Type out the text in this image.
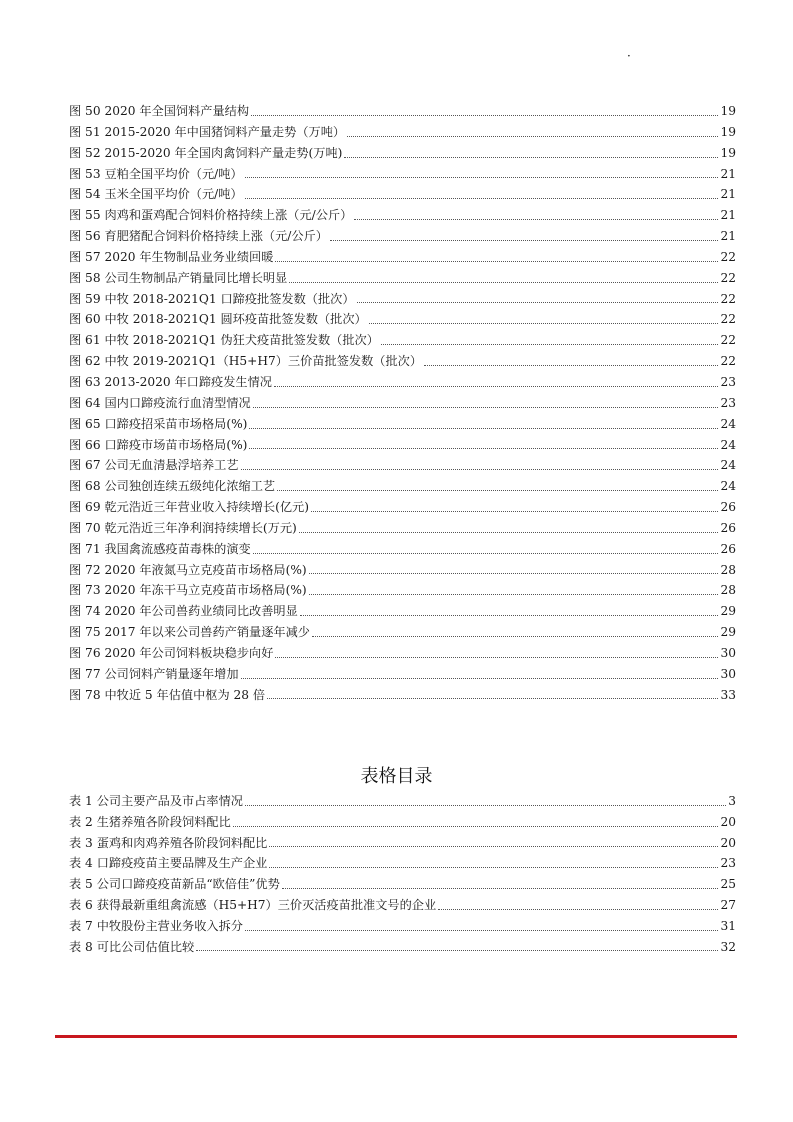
·
图 50 2020 年全国饲料产量结构	19
图 51 2015-2020 年中国猪饲料产量走势（万吨）	19
图 52 2015-2020 年全国肉禽饲料产量走势(万吨)	19
图 53 豆粕全国平均价（元/吨）	21
图 54 玉米全国平均价（元/吨）	21
图 55 肉鸡和蛋鸡配合饲料价格持续上涨（元/公斤）	21
图 56 育肥猪配合饲料价格持续上涨（元/公斤）	21
图 57 2020 年生物制品业务业绩回暖	22
图 58 公司生物制品产销量同比增长明显	22
图 59 中牧 2018-2021Q1 口蹄疫批签发数（批次）	22
图 60 中牧 2018-2021Q1 圆环疫苗批签发数（批次）	22
图 61 中牧 2018-2021Q1 伪狂犬疫苗批签发数（批次）	22
图 62 中牧 2019-2021Q1（H5+H7）三价苗批签发数（批次）	22
图 63 2013-2020 年口蹄疫发生情况	23
图 64 国内口蹄疫流行血清型情况	23
图 65 口蹄疫招采苗市场格局(%)	24
图 66 口蹄疫市场苗市场格局(%)	24
图 67 公司无血清悬浮培养工艺	24
图 68 公司独创连续五级纯化浓缩工艺	24
图 69 乾元浩近三年营业收入持续增长(亿元)	26
图 70 乾元浩近三年净利润持续增长(万元)	26
图 71 我国禽流感疫苗毒株的演变	26
图 72 2020 年液氮马立克疫苗市场格局(%)	28
图 73 2020 年冻干马立克疫苗市场格局(%)	28
图 74 2020 年公司兽药业绩同比改善明显	29
图 75 2017 年以来公司兽药产销量逐年减少	29
图 76 2020 年公司饲料板块稳步向好	30
图 77 公司饲料产销量逐年增加	30
图 78 中牧近 5 年估值中枢为 28 倍	33
表格目录
表 1 公司主要产品及市占率情况	3
表 2 生猪养殖各阶段饲料配比	20
表 3 蛋鸡和肉鸡养殖各阶段饲料配比	20
表 4 口蹄疫疫苗主要品牌及生产企业	23
表 5 公司口蹄疫疫苗新品“欧倍佳”优势	25
表 6 获得最新重组禽流感（H5+H7）三价灭活疫苗批准文号的企业	27
表 7 中牧股份主营业务收入拆分	31
表 8 可比公司估值比较	32
